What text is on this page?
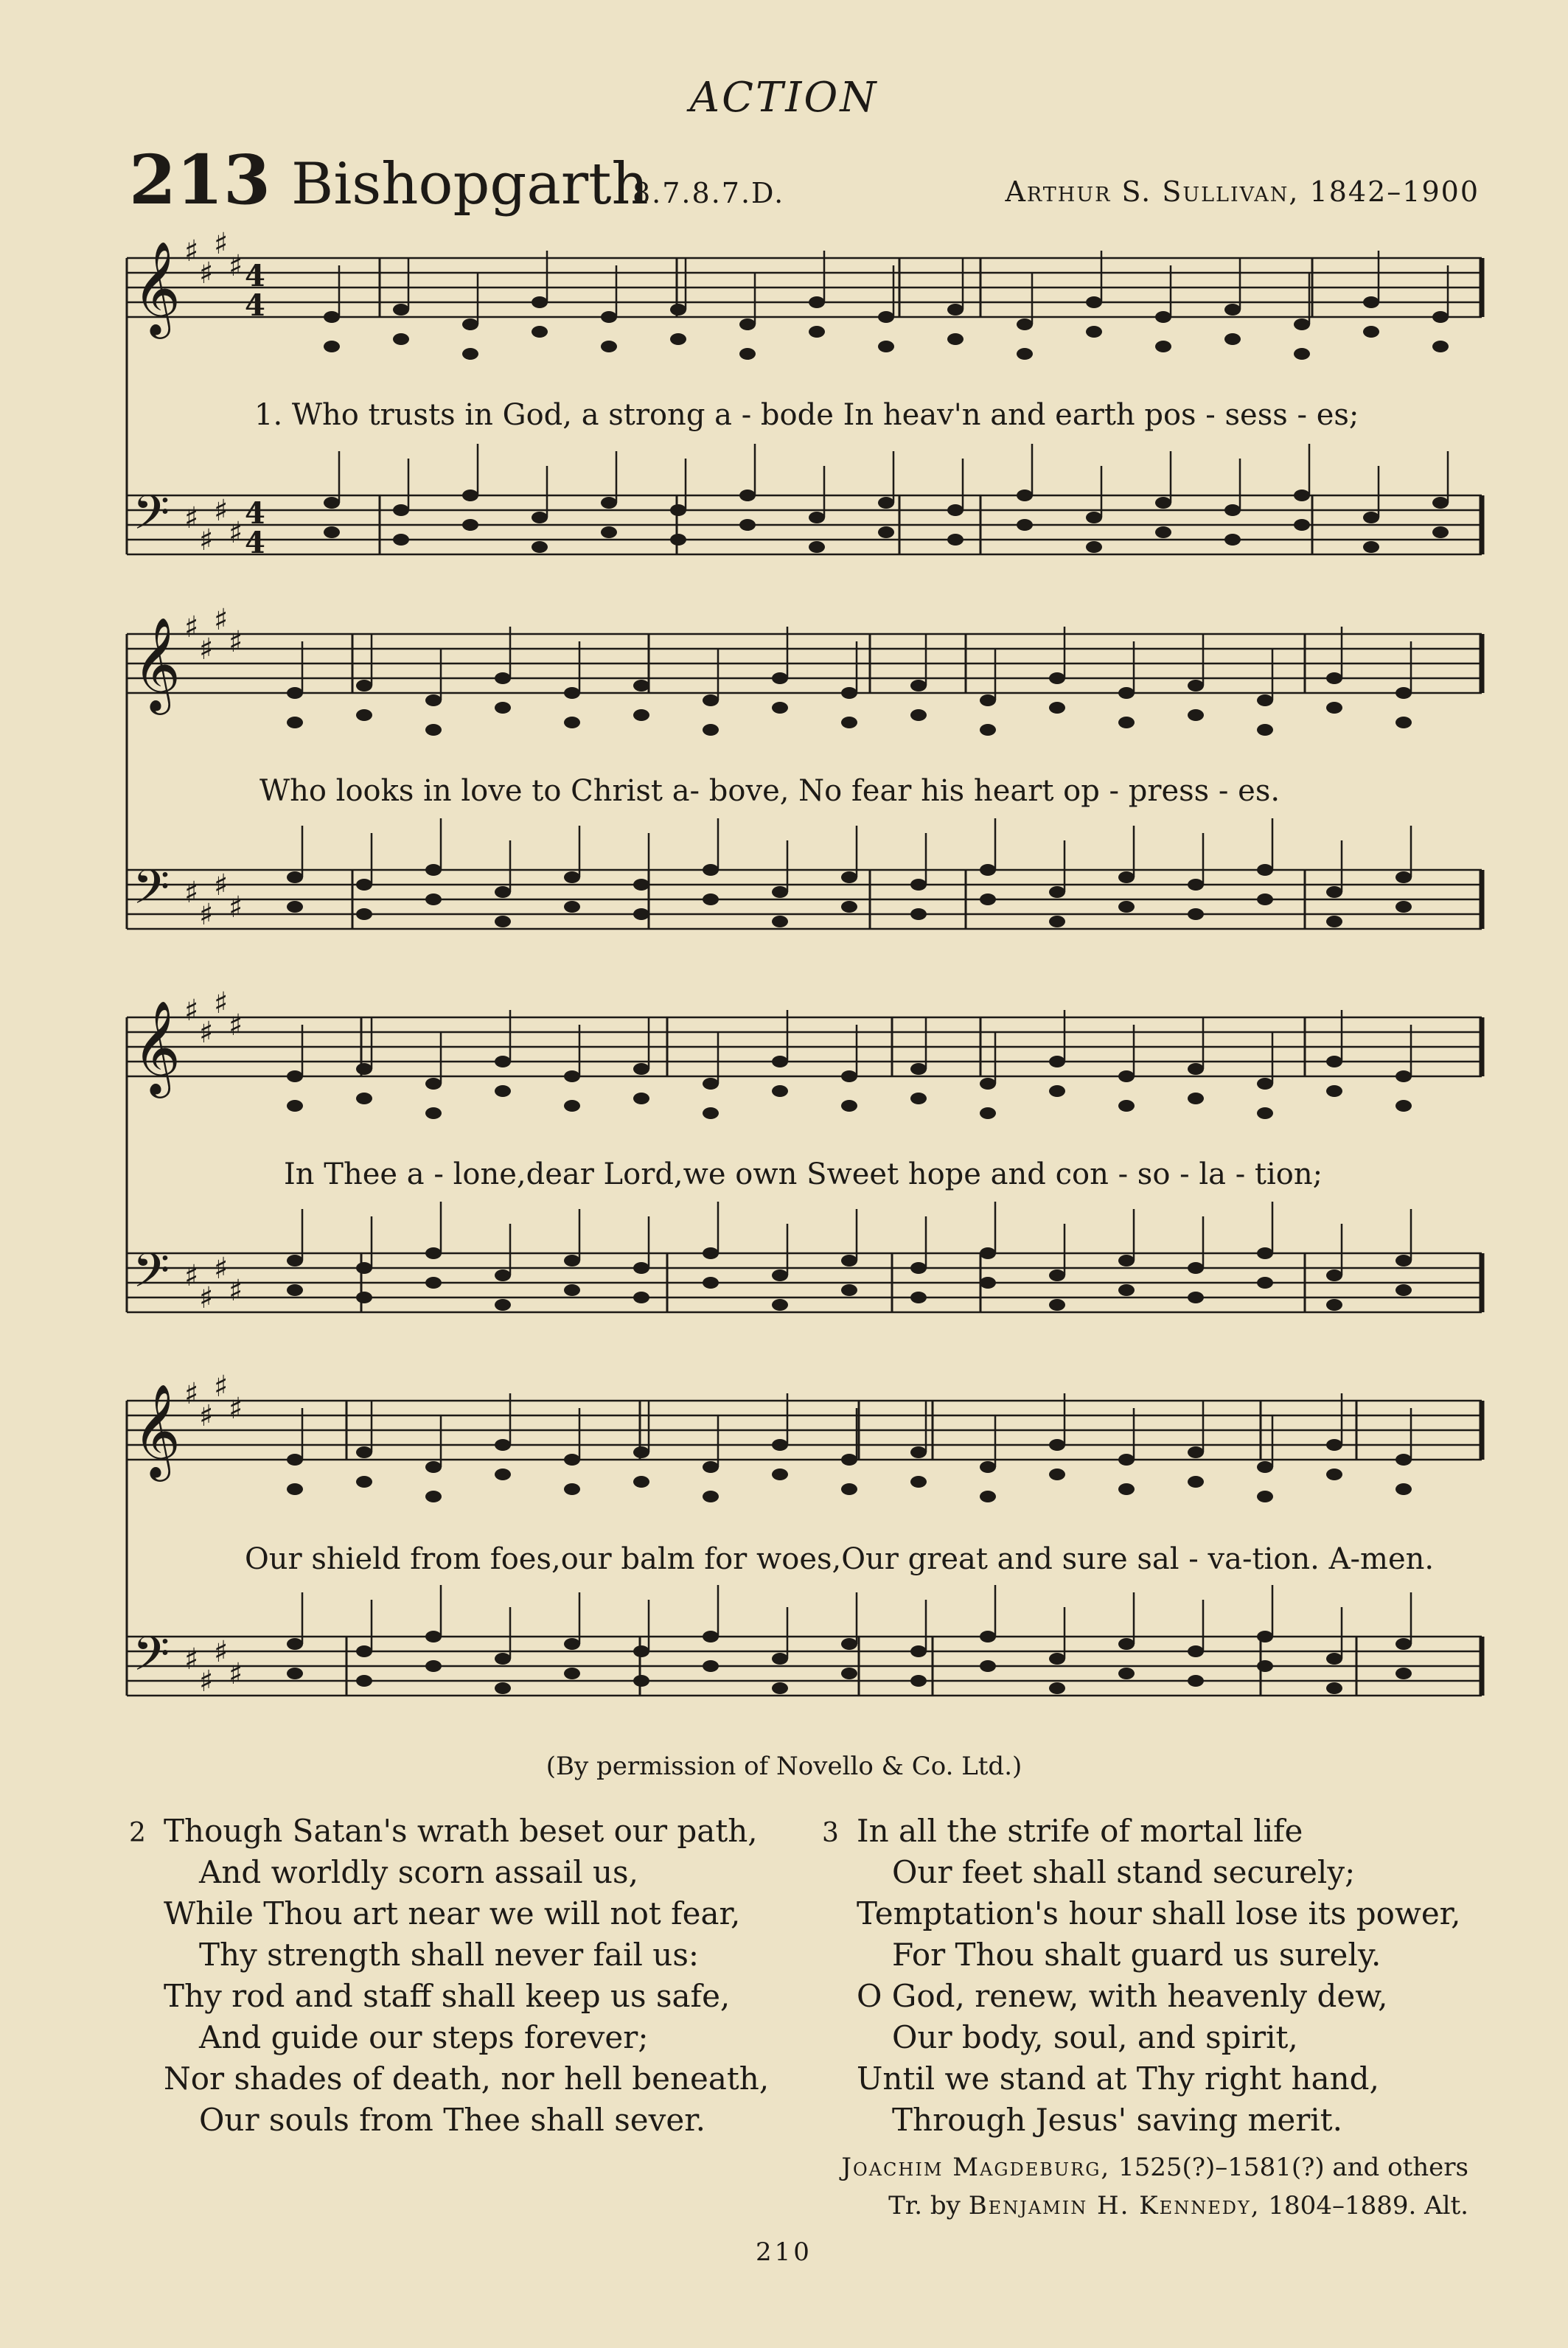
ACTION
213 Bishopgarth
8.7.8.7.D.	Arthur S. Sullivan, 1842–1900
𝄞 ♯
♯
♯
♯ 4
4
𝄢 ♯
♯
♯
♯
4
4
𝄞 ♯
♯
♯
♯
𝄢 ♯
♯
♯
♯
𝄞 ♯
♯
♯
♯
𝄢 ♯
♯
♯
♯
𝄞 ♯
♯
♯
♯
𝄢 ♯
♯
♯
♯
1. Who trusts in God, a strong a - bode In heav'n and earth pos - sess - es;
Who looks in love to Christ a- bove, No fear his heart op - press - es.
In Thee a - lone,dear Lord,we own Sweet hope and con - so - la - tion;
Our shield from foes,our balm for woes,Our great and sure sal - va-tion. A-men.
(By permission of Novello & Co. Ltd.)
2 Though Satan's wrath beset our path,
And worldly scorn assail us,
While Thou art near we will not fear,
Thy strength shall never fail us:
Thy rod and staff shall keep us safe,
And guide our steps forever;
Nor shades of death, nor hell beneath,
Our souls from Thee shall sever.
3 In all the strife of mortal life
Our feet shall stand securely;
Temptation's hour shall lose its power,
For Thou shalt guard us surely.
O God, renew, with heavenly dew,
Our body, soul, and spirit,
Until we stand at Thy right hand,
Through Jesus' saving merit.
Joachim Magdeburg, 1525(?)–1581(?) and others
Tr. by Benjamin H. Kennedy, 1804–1889. Alt.
210
